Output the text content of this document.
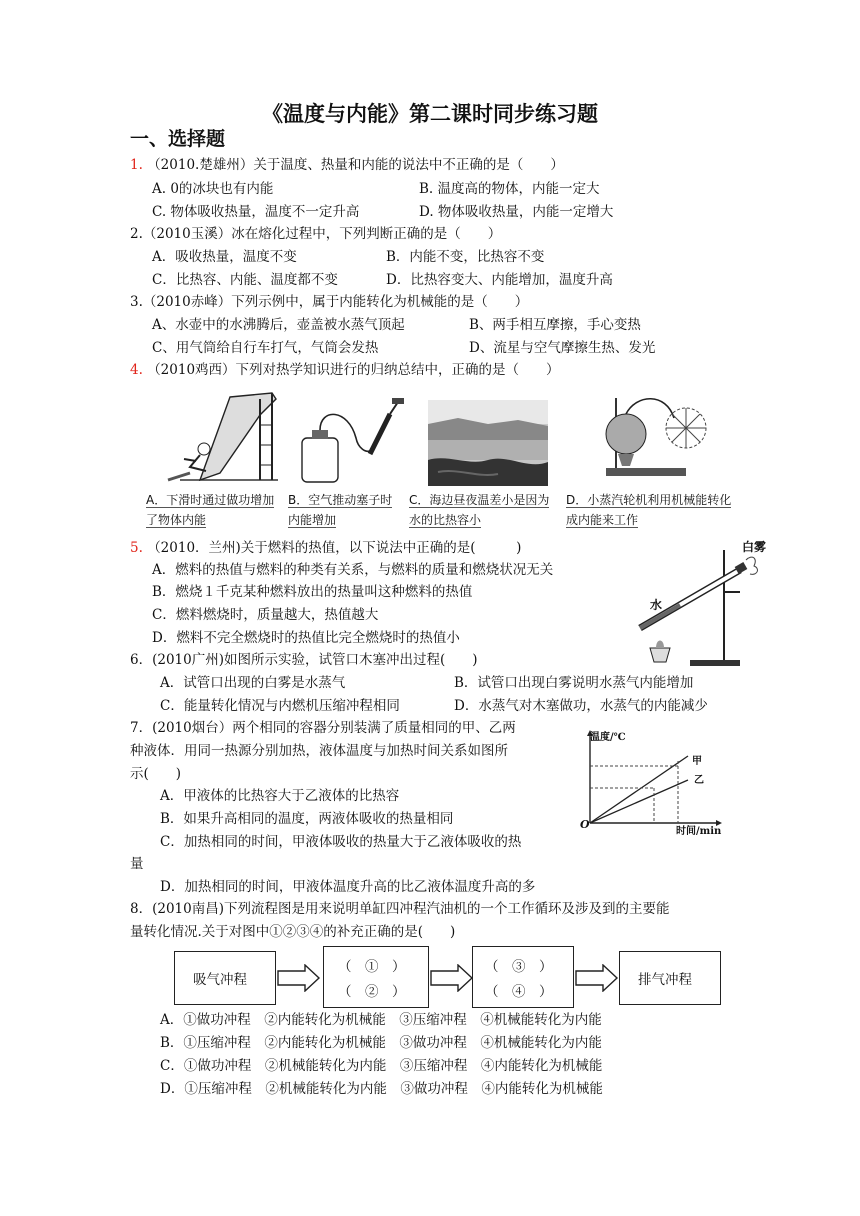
《温度与内能》第二课时同步练习题
一、选择题
1. （2010.楚雄州）关于温度、热量和内能的说法中不正确的是（　　）
A. 0的冰块也有内能	B. 温度高的物体，内能一定大
C. 物体吸收热量，温度不一定升高	D. 物体吸收热量，内能一定增大
2.（2010玉溪）冰在熔化过程中，下列判断正确的是（　　）
A．吸收热量，温度不变	B．内能不变，比热容不变
C．比热容、内能、温度都不变	D．比热容变大、内能增加，温度升高
3.（2010赤峰）下列示例中，属于内能转化为机械能的是（　　）
A、水壶中的水沸腾后，壶盖被水蒸气顶起	B、两手相互摩擦，手心变热
C、用气筒给自行车打气，气筒会发热	D、流星与空气摩擦生热、发光
4. （2010鸡西）下列对热学知识进行的归纳总结中，正确的是（　　）
A．下滑时通过做功增加了物体内能
B．空气推动塞子时内能增加
C．海边昼夜温差小是因为水的比热容小
D．小蒸汽轮机利用机械能转化成内能来工作
5. （2010．兰州)关于燃料的热值，以下说法中正确的是(　　　)
A．燃料的热值与燃料的种类有关系，与燃料的质量和燃烧状况无关
B．燃烧１千克某种燃料放出的热量叫这种燃料的热值
C．燃料燃烧时，质量越大，热值越大
D．燃料不完全燃烧时的热值比完全燃烧时的热值小
白雾
水
6．(2010广州)如图所示实验，试管口木塞冲出过程(　　)
A．试管口出现的白雾是水蒸气	B．试管口出现白雾说明水蒸气内能增加
C．能量转化情况与内燃机压缩冲程相同	D．水蒸气对木塞做功，水蒸气的内能减少
7．(2010烟台）两个相同的容器分别装满了质量相同的甲、乙两
种液体．用同一热源分别加热，液体温度与加热时间关系如图所
示(　　)
A．甲液体的比热容大于乙液体的比热容
B．如果升高相同的温度，两液体吸收的热量相同
C．加热相同的时间，甲液体吸收的热量大于乙液体吸收的热
量
D．加热相同的时间，甲液体温度升高的比乙液体温度升高的多
温度/℃
时间/min
O
甲
乙
8．(2010南昌)下列流程图是用来说明单缸四冲程汽油机的一个工作循环及涉及到的主要能
量转化情况.关于对图中①②③④的补充正确的是(　　)
吸气冲程
（　①　）
（　②　）
（　③　）
（　④　）
排气冲程
A．①做功冲程　②内能转化为机械能　③压缩冲程　④机械能转化为内能
B．①压缩冲程　②内能转化为机械能　③做功冲程　④机械能转化为内能
C．①做功冲程　②机械能转化为内能　③压缩冲程　④内能转化为机械能
D．①压缩冲程　②机械能转化为内能　③做功冲程　④内能转化为机械能
